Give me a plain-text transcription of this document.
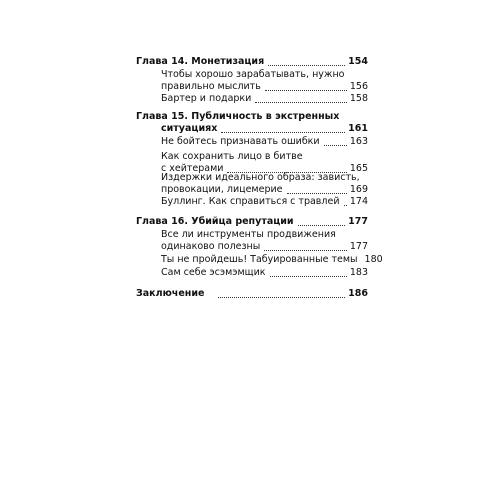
Глава 14. Монетизация	154
Чтобы хорошо зарабатывать, нужно
правильно мыслить	156
Бартер и подарки	158
Глава 15. Публичность в экстренных
ситуациях	161
Не бойтесь признавать ошибки	163
Как сохранить лицо в битве
с хейтерами	165
Издержки идеального образа: зависть,
провокации, лицемерие	169
Буллинг. Как справиться с травлей 174
Глава 16. Убийца репутации	177
Все ли инструменты продвижения
одинаково полезны	177
Ты не пройдешь! Табуированные темы 180
Сам себе эсэмэмщик	183
Заключение	186
